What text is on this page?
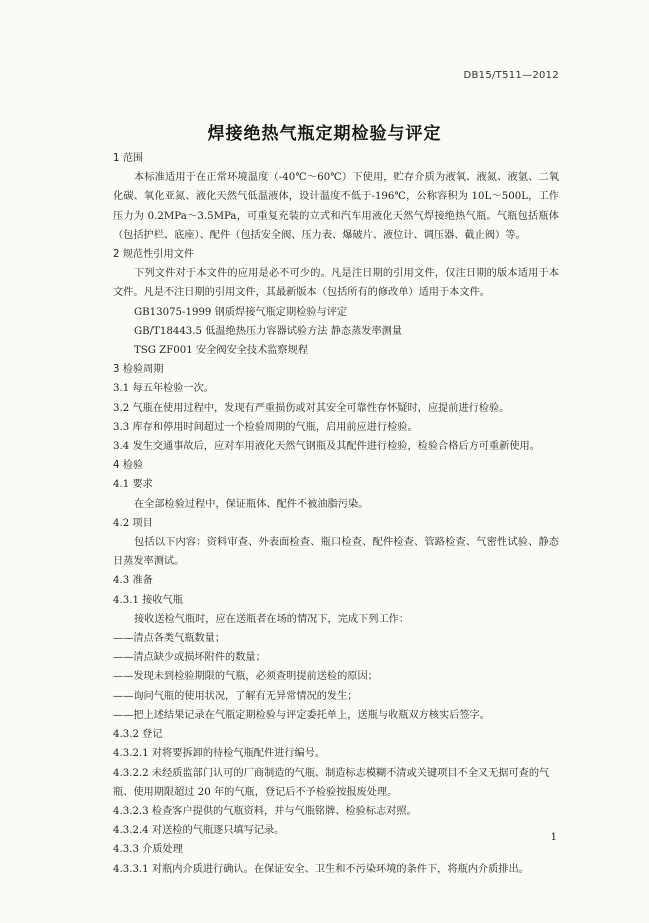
DB15/T511—2012
焊接绝热气瓶定期检验与评定

1 范围

本标准适用于在正常环境温度（-40℃～60℃）下使用，贮存介质为液氧、液氮、液氩、二氧化碳、氧化亚氮、液化天然气低温液体，设计温度不低于-196℃，公称容积为 10L～500L，工作压力为 0.2MPa～3.5MPa，可重复充装的立式和汽车用液化天然气焊接绝热气瓶。气瓶包括瓶体（包括护栏、底座）、配件（包括安全阀、压力表、爆破片、液位计、调压器、截止阀）等。

2 规范性引用文件

下列文件对于本文件的应用是必不可少的。凡是注日期的引用文件，仅注日期的版本适用于本文件。凡是不注日期的引用文件，其最新版本（包括所有的修改单）适用于本文件。

GB13075-1999 钢质焊接气瓶定期检验与评定

GB/T18443.5 低温绝热压力容器试验方法 静态蒸发率测量

TSG ZF001 安全阀安全技术监察规程

3 检验周期

3.1 每五年检验一次。

3.2 气瓶在使用过程中，发现有严重损伤或对其安全可靠性存怀疑时，应提前进行检验。

3.3 库存和停用时间超过一个检验周期的气瓶，启用前应进行检验。

3.4 发生交通事故后，应对车用液化天然气钢瓶及其配件进行检验，检验合格后方可重新使用。

4 检验

4.1 要求

在全部检验过程中，保证瓶体、配件不被油脂污染。

4.2 项目

包括以下内容：资料审查、外表面检查、瓶口检查、配件检查、管路检查、气密性试验、静态日蒸发率测试。

4.3 准备

4.3.1 接收气瓶

接收送检气瓶时，应在送瓶者在场的情况下，完成下列工作：

——清点各类气瓶数量；

——清点缺少或损坏附件的数量；

——发现未到检验期限的气瓶，必须查明提前送检的原因；

——询问气瓶的使用状况，了解有无异常情况的发生；

——把上述结果记录在气瓶定期检验与评定委托单上，送瓶与收瓶双方核实后签字。

4.3.2 登记

4.3.2.1 对将要拆卸的待检气瓶配件进行编号。

4.3.2.2 未经质监部门认可的厂商制造的气瓶、制造标志模糊不清或关键项目不全又无据可查的气瓶、使用期限超过 20 年的气瓶，登记后不予检验按报废处理。

4.3.2.3 检查客户提供的气瓶资料，并与气瓶铭牌、检验标志对照。

4.3.2.4 对送检的气瓶逐只填写记录。

4.3.3 介质处理

4.3.3.1 对瓶内介质进行确认。在保证安全、卫生和不污染环境的条件下，将瓶内介质排出。

1
